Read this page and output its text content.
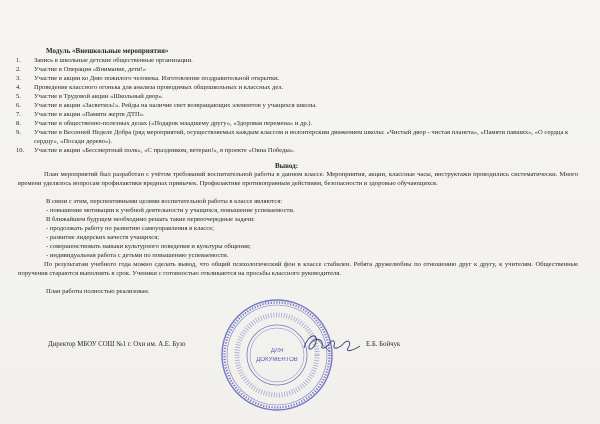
Модуль «Внешкольные мероприятия»
1.	Запись в школьные детские общественные организации.
2.	Участие в Операция «Внимание, дети!»
3.	Участие в акции ко Дню пожилого человека. Изготовление поздравительной открытки.
4.	Проведение классного огонька для анализа проводимых общешкольных и классных дел.
5.	Участие в Трудовой акции «Школьный двор».
6.	Участие в акции «Засветись!». Рейды на наличие свет возвращающих элементов у учащихся школы.
7.	Участие в акции «Памяти жертв ДТП».
8.	Участие в общественно-полезных делах («Подарок младшему другу», «Здоровая перемена» и др.).
9.	Участие в Весенней Неделе Добра (ряд мероприятий, осуществляемых каждым классом и волонтерским движением школы: «Чистый двор - чистая планета», «Памяти павших», «О сердца к сердцу», «Посади дерево»).
10.	Участие в акции «Бессмертный полк», «С праздником, ветеран!», в проекте «Окна Победы».
Вывод:
План мероприятий был разработан с учётом требований воспитательной работы в данном классе. Мероприятия, акции, классные часы, инструктажи проводились систематически. Много времени уделялось вопросам профилактики вредных привычек. Профилактике противоправным действиям, безопасности и здоровью обучающихся.
В связи с этим, перспективными целями воспитательной работы в классе являются:
- повышение мотивации к учебной деятельности у учащихся, повышение успеваемости.
В ближайшем будущем необходимо решать такие первоочередные задачи:
- продолжать работу по развитию самоуправления в классе;
- развитие лидерских качеств учащихся;
- совершенствовать навыки культурного поведения и культуры общения;
- индивидуальная работа с детьми по повышению успеваемости.
По результатам учебного года можно сделать вывод, что общий психологический фон в классе стабилен. Ребята дружелюбны по отношению друг к другу, к учителям. Общественные поручения стараются выполнять в срок. Ученики с готовностью откликаются на просьбы классного руководителя.
План работы полностью реализован.
ДЛЯ
ДОКУМЕНТОВ
Директор МБОУ СОШ №1 г. Охи им. А.Е. Бузо	Е.Б. Бойчук
